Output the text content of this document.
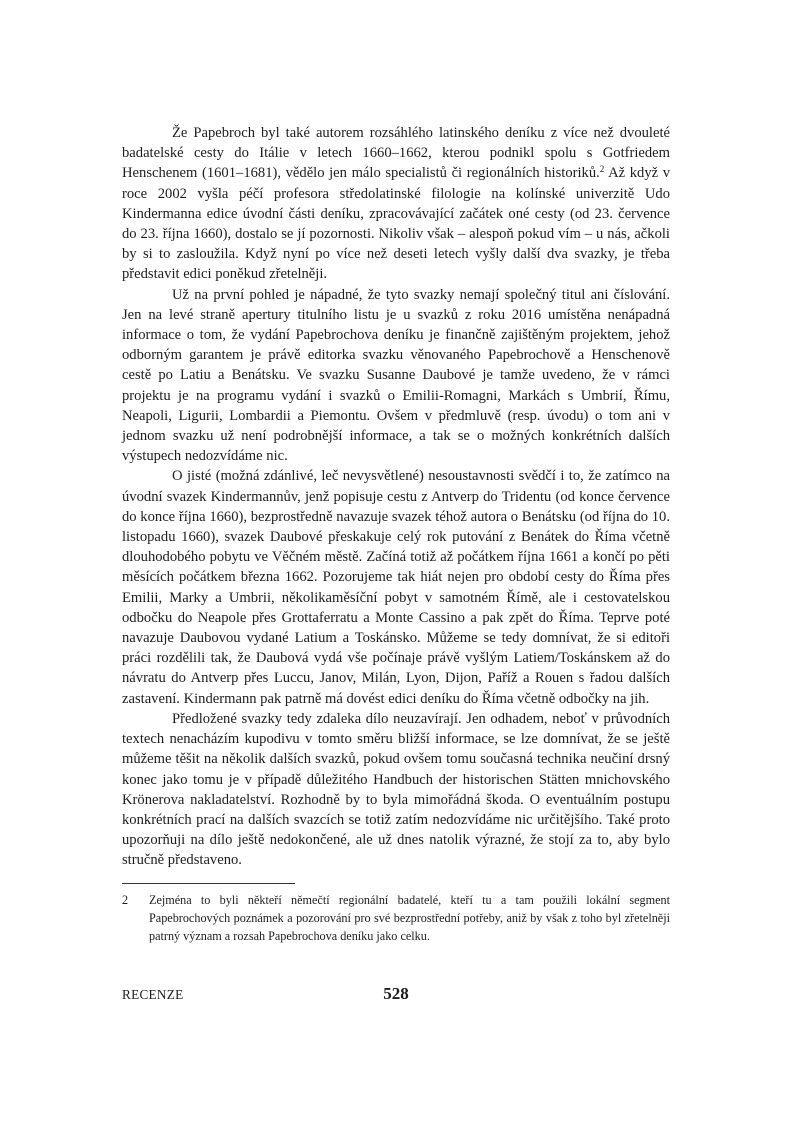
Že Papebroch byl také autorem rozsáhlého latinského deníku z více než dvouleté badatelské cesty do Itálie v letech 1660–1662, kterou podnikl spolu s Gotfriedem Henschenem (1601–1681), vědělo jen málo specialistů či regionálních historiků.$^2$ Až když v roce 2002 vyšla péčí profesora středolatinské filologie na kolínské univerzitě Udo Kindermanna edice úvodní části deníku, zpracovávající začátek oné cesty (od 23. července do 23. října 1660), dostalo se jí pozornosti. Nikoliv však – alespoň pokud vím – u nás, ačkoli by si to zasloužila. Když nyní po více než deseti letech vyšly další dva svazky, je třeba představit edici poněkud zřetelněji.

Už na první pohled je nápadné, že tyto svazky nemají společný titul ani číslování. Jen na levé straně apertury titulního listu je u svazků z roku 2016 umístěna nenápadná informace o tom, že vydání Papebrochova deníku je finančně zajištěným projektem, jehož odborným garantem je právě editorka svazku věnovaného Papebrochově a Henschenově cestě po Latiu a Benátsku. Ve svazku Susanne Daubové je tamže uvedeno, že v rámci projektu je na programu vydání i svazků o Emilii-Romagni, Markách s Umbrií, Římu, Neapoli, Ligurii, Lombardii a Piemontu. Ovšem v předmluvě (resp. úvodu) o tom ani v jednom svazku už není podrobnější informace, a tak se o možných konkrétních dalších výstupech nedozvídáme nic.

O jisté (možná zdánlivé, leč nevysvětlené) nesoustavnosti svědčí i to, že zatímco na úvodní svazek Kindermannův, jenž popisuje cestu z Antverp do Tridentu (od konce července do konce října 1660), bezprostředně navazuje svazek téhož autora o Benátsku (od října do 10. listopadu 1660), svazek Daubové přeskakuje celý rok putování z Benátek do Říma včetně dlouhodobého pobytu ve Věčném městě. Začíná totiž až počátkem října 1661 a končí po pěti měsících počátkem března 1662. Pozorujeme tak hiát nejen pro období cesty do Říma přes Emilii, Marky a Umbrii, několikaměsíční pobyt v samotném Římě, ale i cestovatelskou odbočku do Neapole přes Grottaferratu a Monte Cassino a pak zpět do Říma. Teprve poté navazuje Daubovou vydané Latium a Toskánsko. Můžeme se tedy domnívat, že si editoři práci rozdělili tak, že Daubová vydá vše počínaje právě vyšlým Latiem/Toskánskem až do návratu do Antverp přes Luccu, Janov, Milán, Lyon, Dijon, Paříž a Rouen s řadou dalších zastavení. Kindermann pak patrně má dovést edici deníku do Říma včetně odbočky na jih.

Předložené svazky tedy zdaleka dílo neuzavírají. Jen odhadem, neboť v průvodních textech nenacházím kupodivu v tomto směru bližší informace, se lze domnívat, že se ještě můžeme těšit na několik dalších svazků, pokud ovšem tomu současná technika neučiní drsný konec jako tomu je v případě důležitého Handbuch der historischen Stätten mnichovského Krönerova nakladatelství. Rozhodně by to byla mimořádná škoda. O eventuálním postupu konkrétních prací na dalších svazcích se totiž zatím nedozvídáme nic určitějšího. Také proto upozorňuji na dílo ještě nedokončené, ale už dnes natolik výrazné, že stojí za to, aby bylo stručně představeno.

2	Zejména to byli někteří němečtí regionální badatelé, kteří tu a tam použili lokální segment Papebrochových poznámek a pozorování pro své bezprostřední potřeby, aniž by však z toho byl zřetelněji patrný význam a rozsah Papebrochova deníku jako celku.
RECENZE	528
